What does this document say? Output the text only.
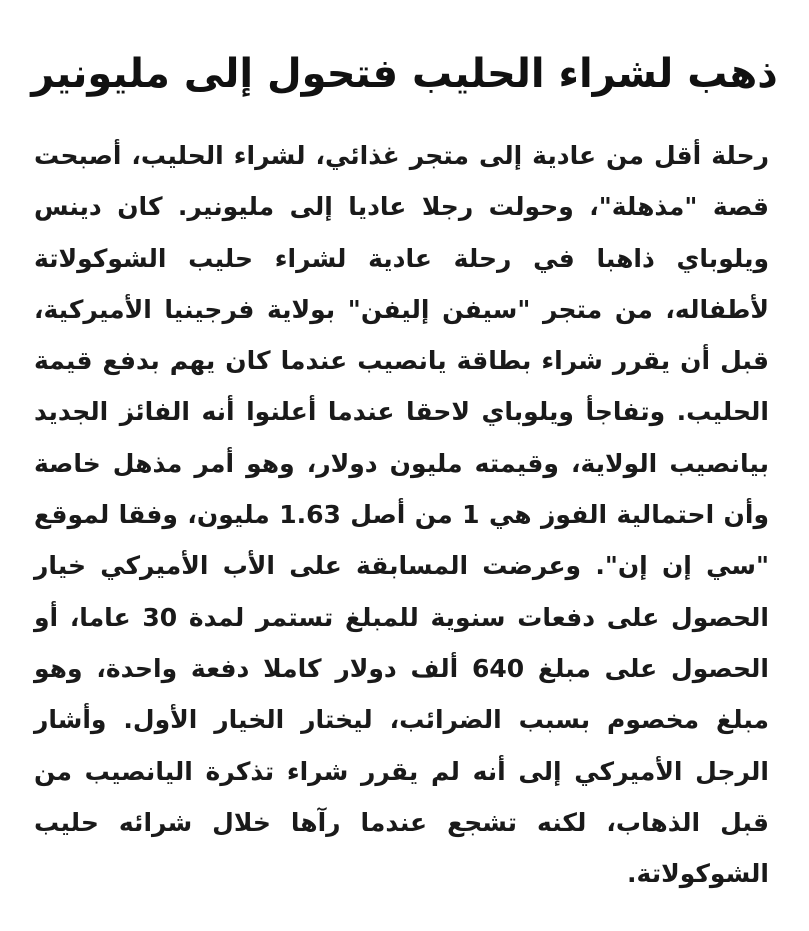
ذهب لشراء الحليب فتحول إلى مليونير

رحلة أقل من عادية إلى متجر غذائي، لشراء الحليب، أصبحت قصة "مذهلة"، وحولت رجلا عاديا إلى مليونير. كان دينس ويلوباي ذاهبا في رحلة عادية لشراء حليب الشوكولاتة لأطفاله، من متجر "سيفن إليفن" بولاية فرجينيا الأميركية، قبل أن يقرر شراء بطاقة يانصيب عندما كان يهم بدفع قيمة الحليب. وتفاجأ ويلوباي لاحقا عندما أعلنوا أنه الفائز الجديد بيانصيب الولاية، وقيمته مليون دولار، وهو أمر مذهل خاصة وأن احتمالية الفوز هي 1 من أصل 1.63 مليون، وفقا لموقع "سي إن إن". وعرضت المسابقة على الأب الأميركي خيار الحصول على دفعات سنوية للمبلغ تستمر لمدة 30 عاما، أو الحصول على مبلغ 640 ألف دولار كاملا دفعة واحدة، وهو مبلغ مخصوم بسبب الضرائب، ليختار الخيار الأول. وأشار الرجل الأميركي إلى أنه لم يقرر شراء تذكرة اليانصيب من قبل الذهاب، لكنه تشجع عندما رآها خلال شرائه حليب الشوكولاتة.
